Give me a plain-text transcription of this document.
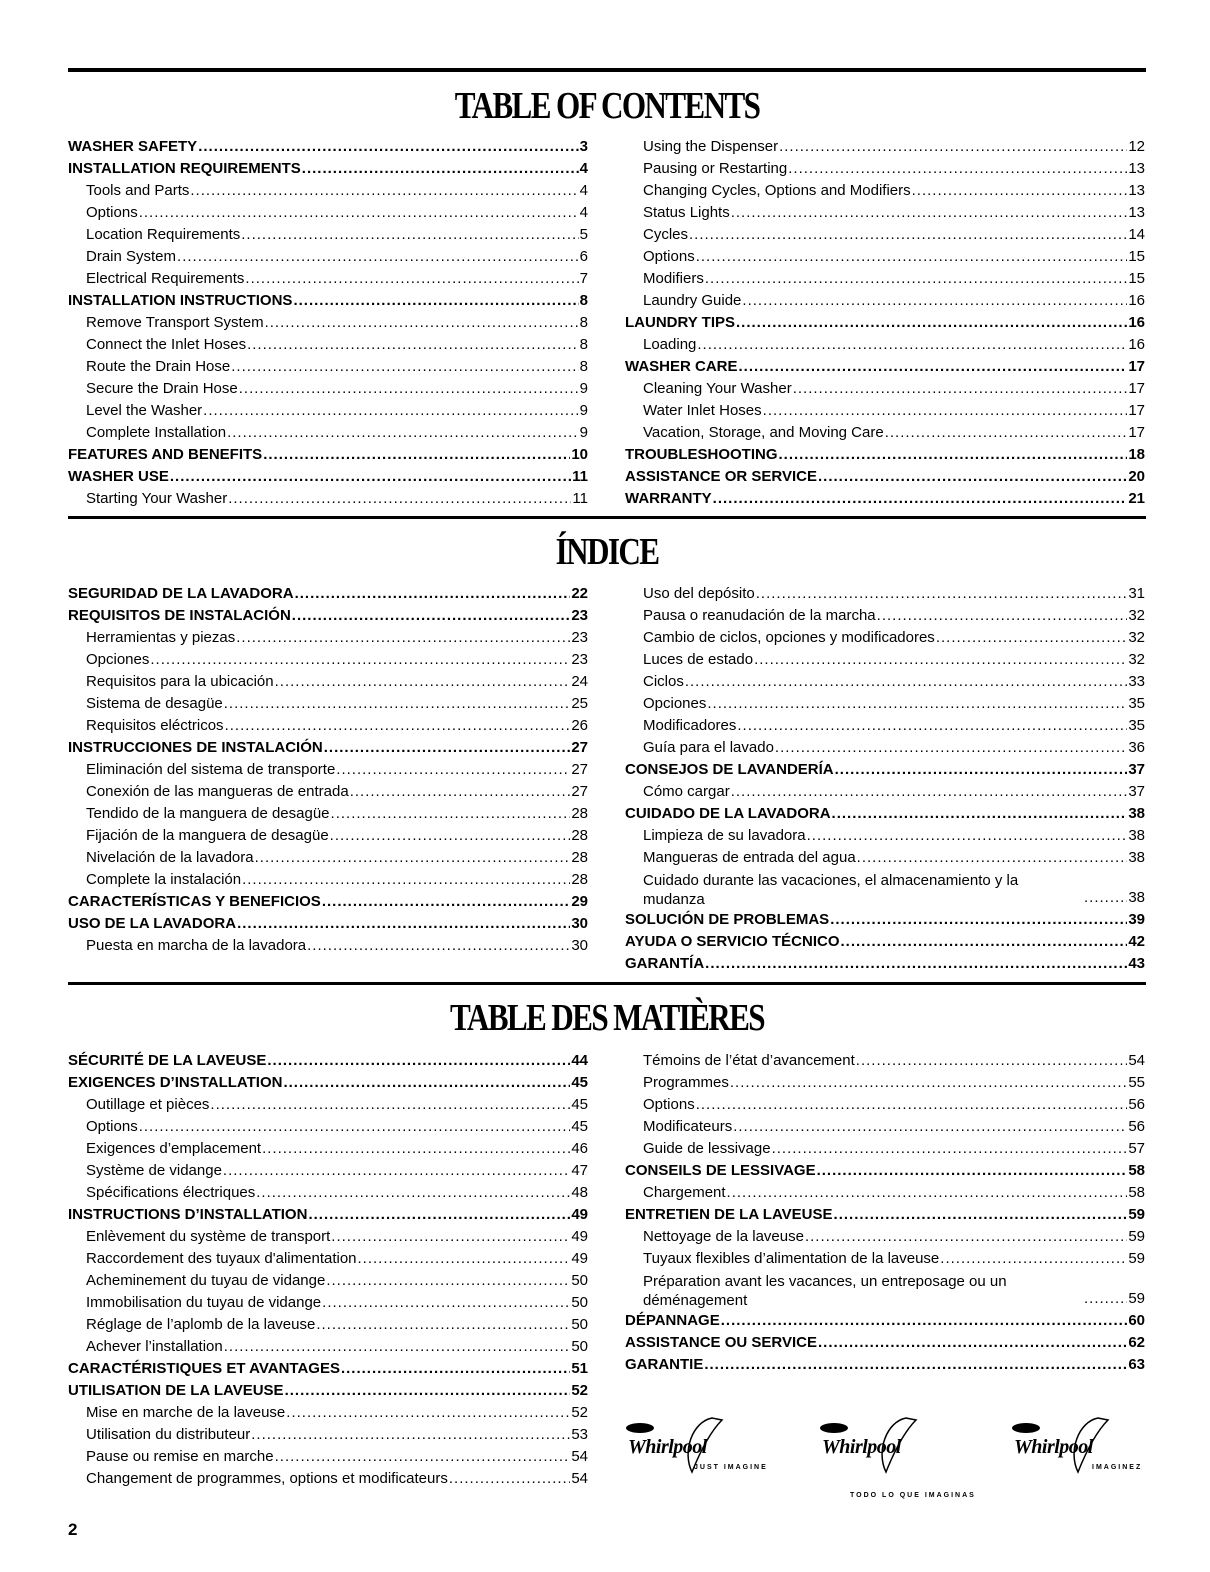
TABLE OF CONTENTS
WASHER SAFETY .....	3
INSTALLATION REQUIREMENTS .....	4
Tools and Parts .....	4
Options .....	4
Location Requirements .....	5
Drain System .....	6
Electrical Requirements .....	7
INSTALLATION INSTRUCTIONS .....	8
Remove Transport System .....	8
Connect the Inlet Hoses .....	8
Route the Drain Hose .....	8
Secure the Drain Hose .....	9
Level the Washer .....	9
Complete Installation .....	9
FEATURES AND BENEFITS .....	10
WASHER USE .....	11
Starting Your Washer .....	11
Using the Dispenser .....	12
Pausing or Restarting .....	13
Changing Cycles, Options and Modifiers .....	13
Status Lights .....	13
Cycles .....	14
Options .....	15
Modifiers .....	15
Laundry Guide .....	16
LAUNDRY TIPS .....	16
Loading .....	16
WASHER CARE .....	17
Cleaning Your Washer .....	17
Water Inlet Hoses .....	17
Vacation, Storage, and Moving Care .....	17
TROUBLESHOOTING .....	18
ASSISTANCE OR SERVICE .....	20
WARRANTY .....	21
ÍNDICE
SEGURIDAD DE LA LAVADORA .....	22
REQUISITOS DE INSTALACIÓN .....	23
Herramientas y piezas .....	23
Opciones .....	23
Requisitos para la ubicación .....	24
Sistema de desagüe .....	25
Requisitos eléctricos .....	26
INSTRUCCIONES DE INSTALACIÓN .....	27
Eliminación del sistema de transporte .....	27
Conexión de las mangueras de entrada .....	27
Tendido de la manguera de desagüe .....	28
Fijación de la manguera de desagüe .....	28
Nivelación de la lavadora .....	28
Complete la instalación .....	28
CARACTERÍSTICAS Y BENEFICIOS .....	29
USO DE LA LAVADORA .....	30
Puesta en marcha de la lavadora .....	30
Uso del depósito .....	31
Pausa o reanudación de la marcha .....	32
Cambio de ciclos, opciones y modificadores .....	32
Luces de estado .....	32
Ciclos .....	33
Opciones .....	35
Modificadores .....	35
Guía para el lavado .....	36
CONSEJOS DE LAVANDERÍA .....	37
Cómo cargar .....	37
CUIDADO DE LA LAVADORA .....	38
Limpieza de su lavadora .....	38
Mangueras de entrada del agua .....	38
Cuidado durante las vacaciones, el almacenamiento y la mudanza .....	38
SOLUCIÓN DE PROBLEMAS .....	39
AYUDA O SERVICIO TÉCNICO .....	42
GARANTÍA .....	43
TABLE DES MATIÈRES
SÉCURITÉ DE LA LAVEUSE .....	44
EXIGENCES D’INSTALLATION .....	45
Outillage et pièces .....	45
Options .....	45
Exigences d’emplacement .....	46
Système de vidange .....	47
Spécifications électriques .....	48
INSTRUCTIONS D’INSTALLATION .....	49
Enlèvement du système de transport .....	49
Raccordement des tuyaux d'alimentation .....	49
Acheminement du tuyau de vidange .....	50
Immobilisation du tuyau de vidange .....	50
Réglage de l’aplomb de la laveuse .....	50
Achever l’installation .....	50
CARACTÉRISTIQUES ET AVANTAGES .....	51
UTILISATION DE LA LAVEUSE .....	52
Mise en marche de la laveuse .....	52
Utilisation du distributeur .....	53
Pause ou remise en marche .....	54
Changement de programmes, options et modificateurs .....	54
Témoins de l’état d’avancement .....	54
Programmes .....	55
Options .....	56
Modificateurs .....	56
Guide de lessivage .....	57
CONSEILS DE LESSIVAGE .....	58
Chargement .....	58
ENTRETIEN DE LA LAVEUSE .....	59
Nettoyage de la laveuse .....	59
Tuyaux flexibles d’alimentation de la laveuse .....	59
Préparation avant les vacances, un entreposage ou un déménagement .....	59
DÉPANNAGE .....	60
ASSISTANCE OU SERVICE .....	62
GARANTIE .....	63
Whirlpool
JUST IMAGINE
Whirlpool	Whirlpool
IMAGINEZ
TODO LO QUE IMAGINAS
2
